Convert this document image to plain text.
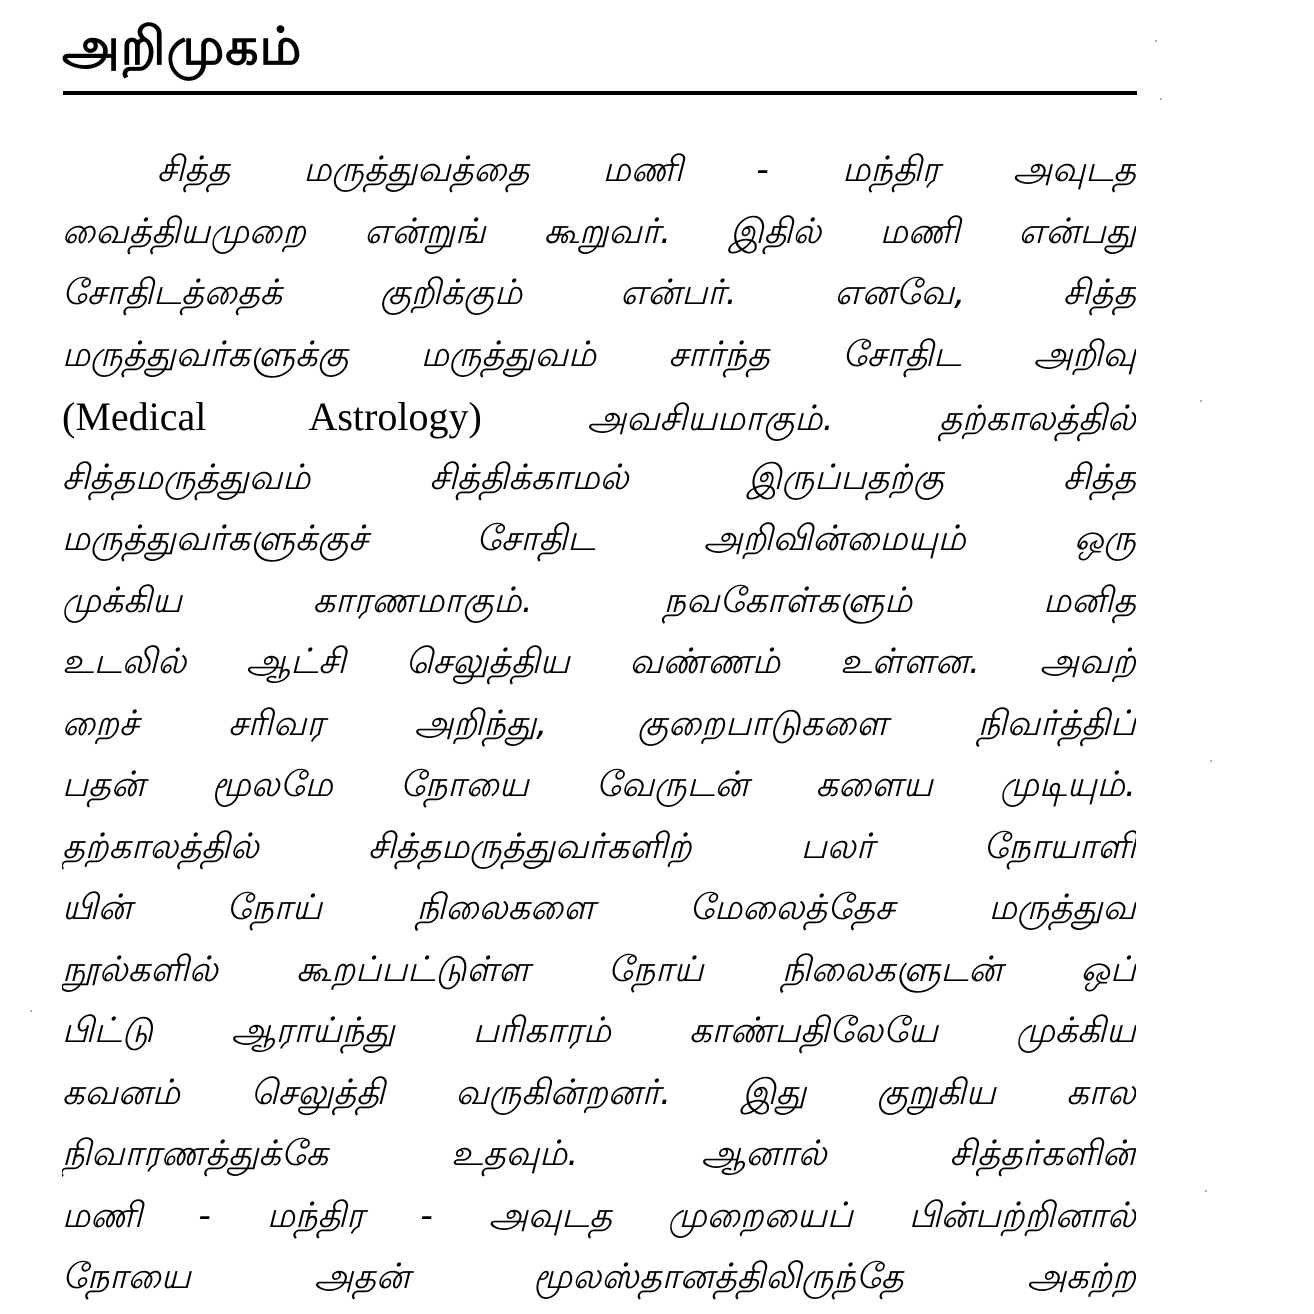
அறிமுகம்
சித்த மருத்துவத்தை மணி - மந்திர அவுடத
வைத்தியமுறை என்றுங் கூறுவர். இதில் மணி என்பது
சோதிடத்தைக் குறிக்கும் என்பர். எனவே, சித்த
மருத்துவர்களுக்கு மருத்துவம் சார்ந்த சோதிட அறிவு
(Medical Astrology)	அவசியமாகும். தற்காலத்தில்
சித்தமருத்துவம் சித்திக்காமல் இருப்பதற்கு சித்த
மருத்துவர்களுக்குச் சோதிட அறிவின்மையும் ஒரு
முக்கிய காரணமாகும். நவகோள்களும் மனித
உடலில் ஆட்சி செலுத்திய வண்ணம் உள்ளன. அவற்
றைச் சரிவர அறிந்து, குறைபாடுகளை நிவர்த்திப்
பதன் மூலமே நோயை வேருடன் களைய முடியும்.
தற்காலத்தில் சித்தமருத்துவர்களிற் பலர் நோயாளி
யின் நோய் நிலைகளை மேலைத்தேச மருத்துவ
நூல்களில் கூறப்பட்டுள்ள நோய் நிலைகளுடன் ஒப்
பிட்டு ஆராய்ந்து பரிகாரம் காண்பதிலேயே முக்கிய
கவனம் செலுத்தி வருகின்றனர். இது குறுகிய கால
நிவாரணத்துக்கே உதவும். ஆனால் சித்தர்களின்
மணி - மந்திர - அவுடத முறையைப் பின்பற்றினால்
நோயை அதன் மூலஸ்தானத்திலிருந்தே அகற்ற
